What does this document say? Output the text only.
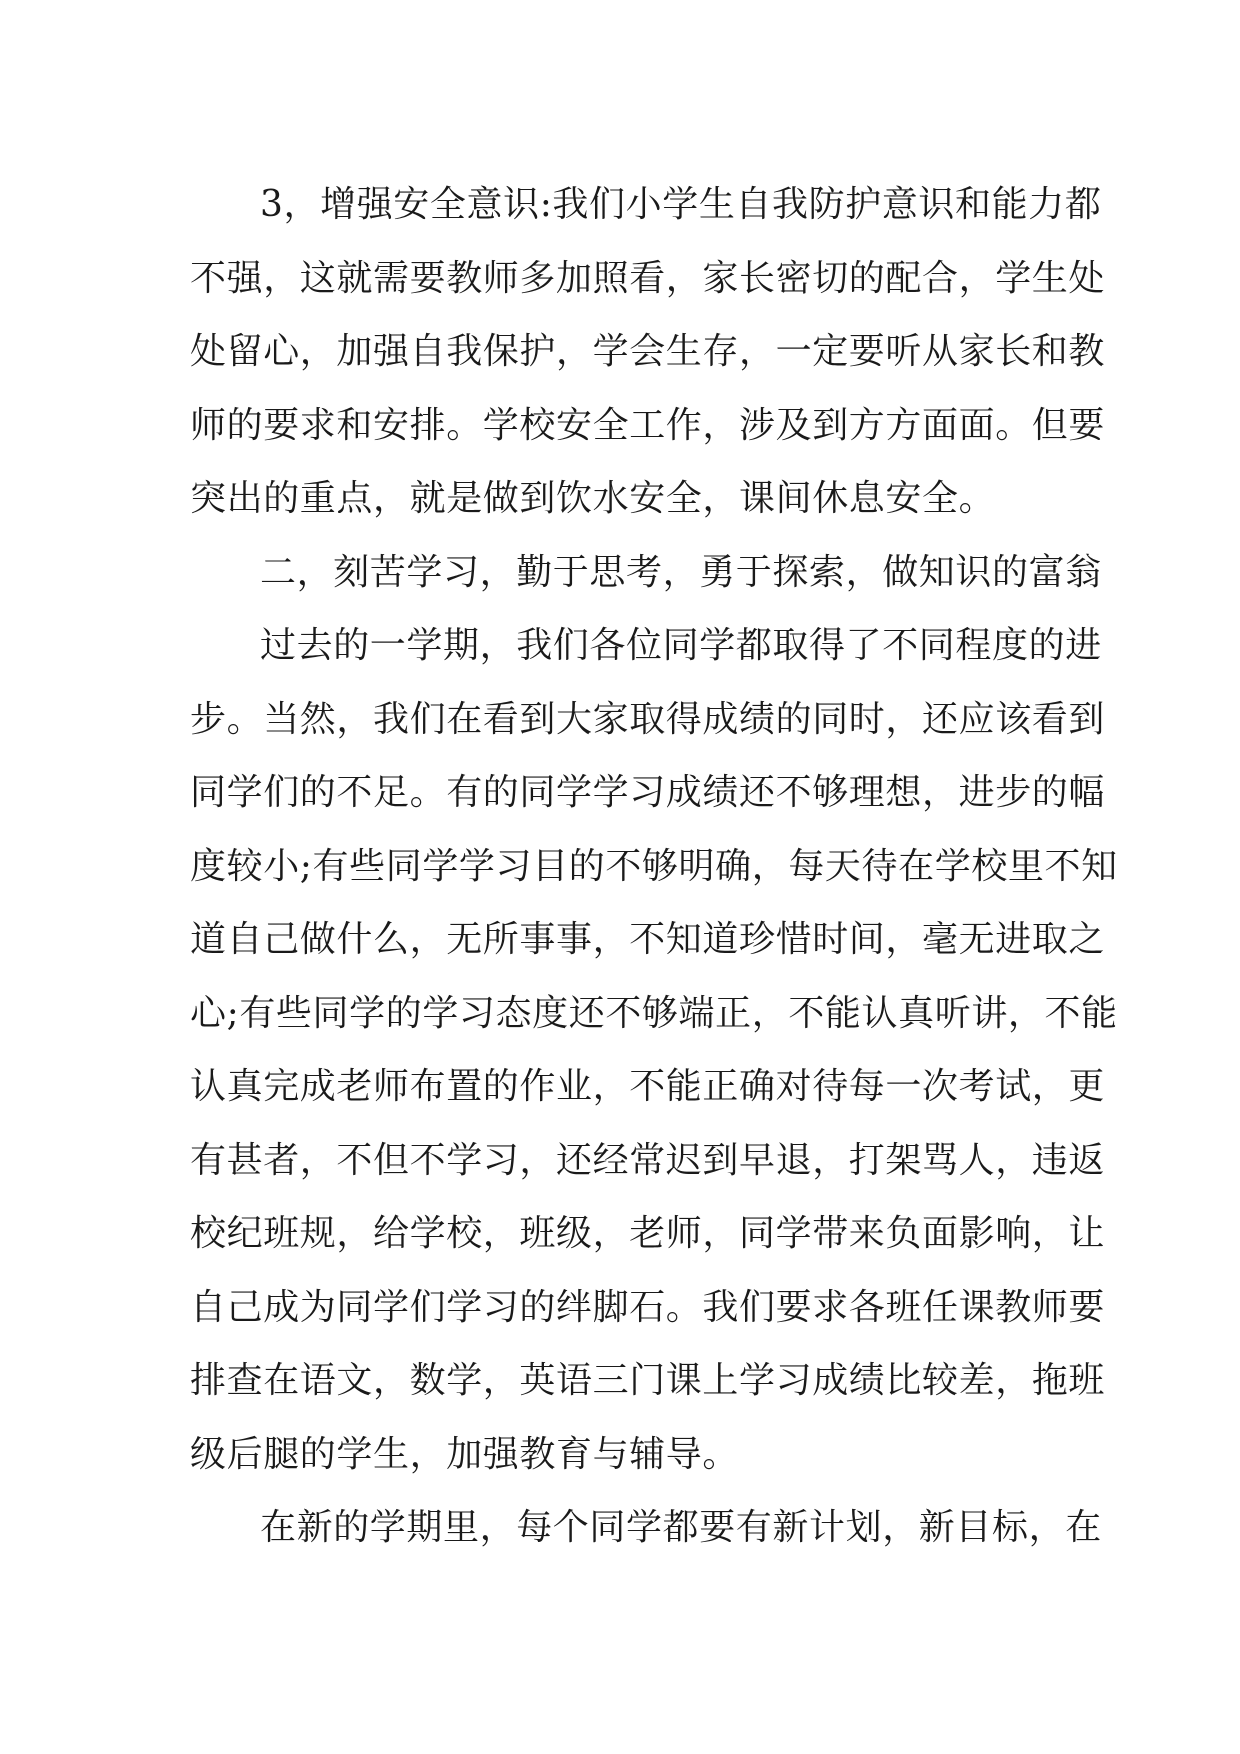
3，增强安全意识:我们小学生自我防护意识和能力都
不强，这就需要教师多加照看，家长密切的配合，学生处
处留心，加强自我保护，学会生存，一定要听从家长和教
师的要求和安排。学校安全工作，涉及到方方面面。但要
突出的重点，就是做到饮水安全，课间休息安全。
二，刻苦学习，勤于思考，勇于探索，做知识的富翁
过去的一学期，我们各位同学都取得了不同程度的进
步。当然，我们在看到大家取得成绩的同时，还应该看到
同学们的不足。有的同学学习成绩还不够理想，进步的幅
度较小;有些同学学习目的不够明确，每天待在学校里不知
道自己做什么，无所事事，不知道珍惜时间，毫无进取之
心;有些同学的学习态度还不够端正，不能认真听讲，不能
认真完成老师布置的作业，不能正确对待每一次考试，更
有甚者，不但不学习，还经常迟到早退，打架骂人，违返
校纪班规，给学校，班级，老师，同学带来负面影响，让
自己成为同学们学习的绊脚石。我们要求各班任课教师要
排查在语文，数学，英语三门课上学习成绩比较差，拖班
级后腿的学生，加强教育与辅导。
在新的学期里，每个同学都要有新计划，新目标，在
